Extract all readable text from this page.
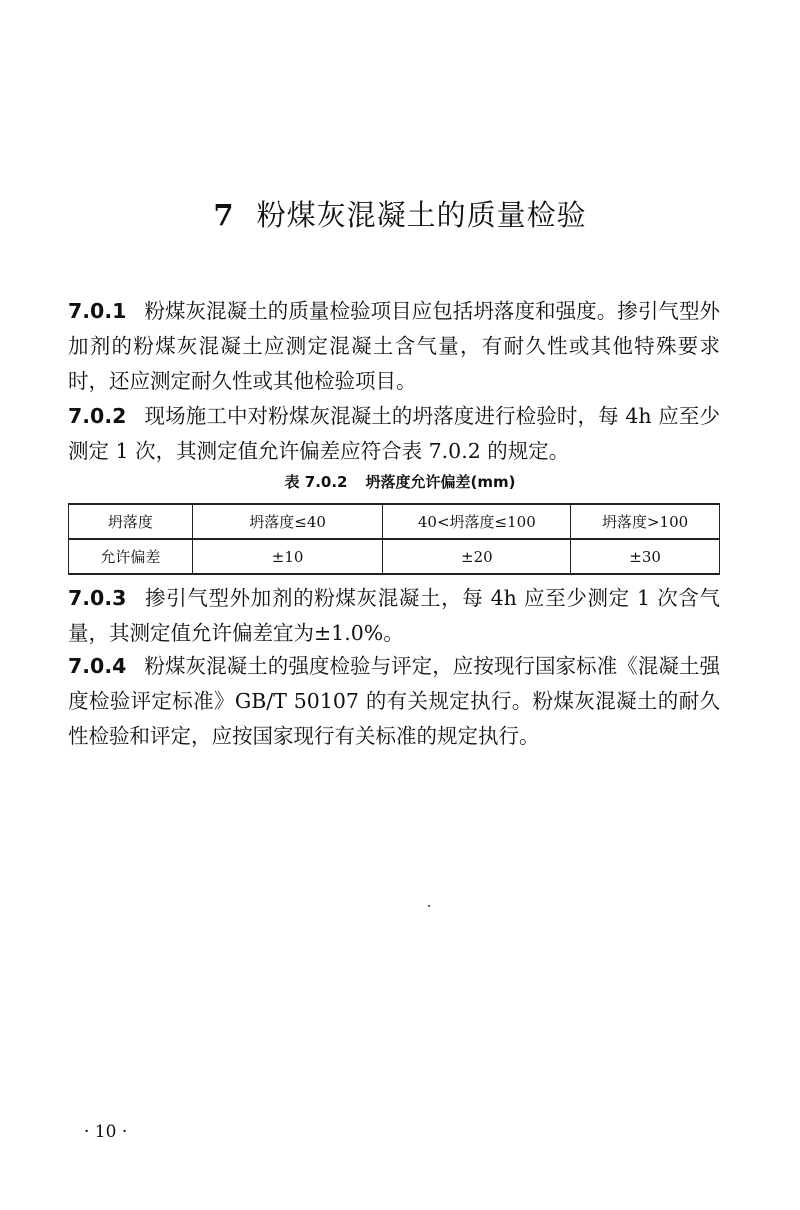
7 粉煤灰混凝土的质量检验
7.0.1 粉煤灰混凝土的质量检验项目应包括坍落度和强度。掺引气型外加剂的粉煤灰混凝土应测定混凝土含气量，有耐久性或其他特殊要求时，还应测定耐久性或其他检验项目。
7.0.2 现场施工中对粉煤灰混凝土的坍落度进行检验时，每 4h 应至少测定 1 次，其测定值允许偏差应符合表 7.0.2 的规定。
表 7.0.2 坍落度允许偏差(mm)
坍落度	坍落度≤40	40<坍落度≤100	坍落度>100
允许偏差	±10	±20	±30
7.0.3 掺引气型外加剂的粉煤灰混凝土，每 4h 应至少测定 1 次含气量，其测定值允许偏差宜为±1.0%。
7.0.4 粉煤灰混凝土的强度检验与评定，应按现行国家标准《混凝土强度检验评定标准》GB/T 50107 的有关规定执行。粉煤灰混凝土的耐久性检验和评定，应按国家现行有关标准的规定执行。
· 10 ·
